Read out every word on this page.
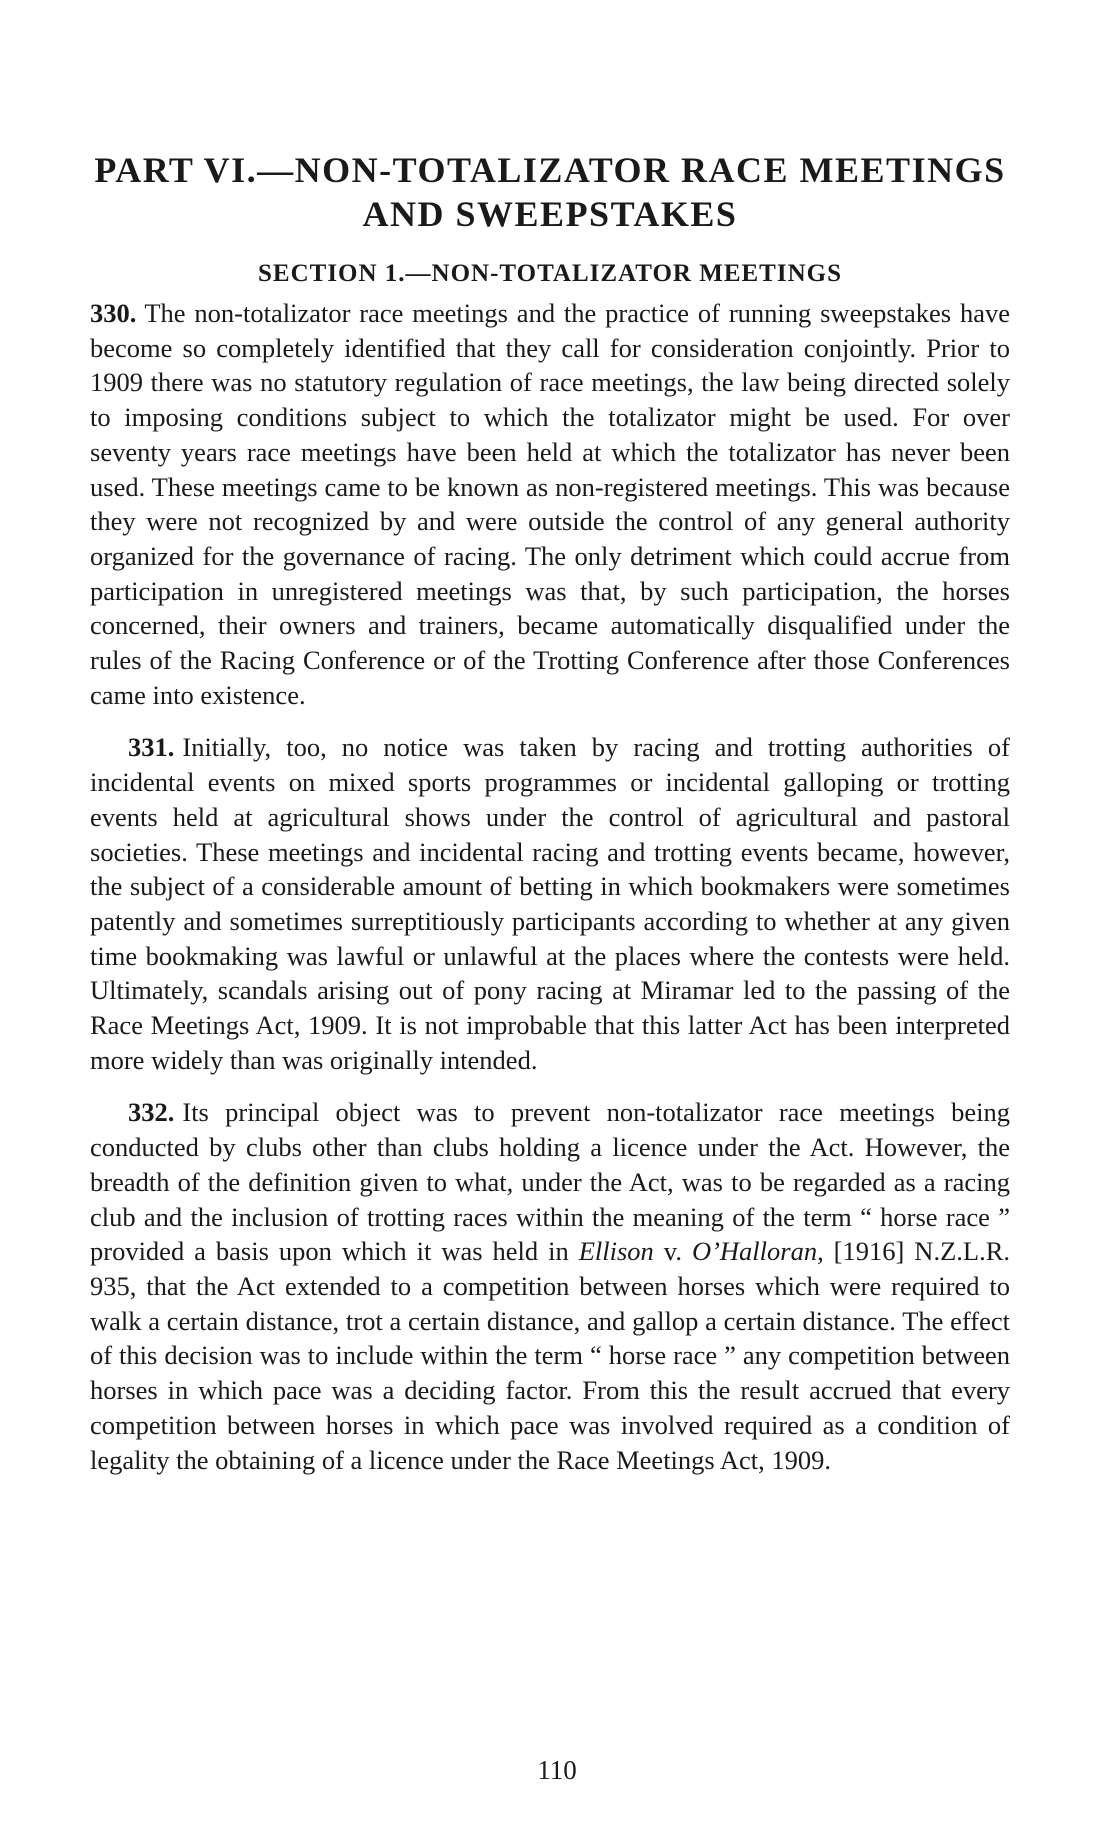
PART VI.—NON-TOTALIZATOR RACE MEETINGS
AND SWEEPSTAKES
SECTION 1.—NON-TOTALIZATOR MEETINGS

330. The non-totalizator race meetings and the practice of running sweepstakes have become so completely identified that they call for consideration conjointly. Prior to 1909 there was no statutory regulation of race meetings, the law being directed solely to imposing conditions subject to which the totalizator might be used. For over seventy years race meetings have been held at which the totalizator has never been used. These meetings came to be known as non-registered meetings. This was because they were not recognized by and were outside the control of any general authority organized for the governance of racing. The only detriment which could accrue from participation in unregistered meetings was that, by such participation, the horses concerned, their owners and trainers, became automatically disqualified under the rules of the Racing Conference or of the Trotting Conference after those Conferences came into existence.

331. Initially, too, no notice was taken by racing and trotting authorities of incidental events on mixed sports programmes or incidental galloping or trotting events held at agricultural shows under the control of agricultural and pastoral societies. These meetings and incidental racing and trotting events became, however, the subject of a considerable amount of betting in which bookmakers were sometimes patently and sometimes surreptitiously participants according to whether at any given time bookmaking was lawful or unlawful at the places where the contests were held. Ultimately, scandals arising out of pony racing at Miramar led to the passing of the Race Meetings Act, 1909. It is not improbable that this latter Act has been interpreted more widely than was originally intended.

332. Its principal object was to prevent non-totalizator race meetings being conducted by clubs other than clubs holding a licence under the Act. However, the breadth of the definition given to what, under the Act, was to be regarded as a racing club and the inclusion of trotting races within the meaning of the term “ horse race ” provided a basis upon which it was held in Ellison v. O’Halloran, [1916] N.Z.L.R. 935, that the Act extended to a competition between horses which were required to walk a certain distance, trot a certain distance, and gallop a certain distance. The effect of this decision was to include within the term “ horse race ” any competition between horses in which pace was a deciding factor. From this the result accrued that every competition between horses in which pace was involved required as a condition of legality the obtaining of a licence under the Race Meetings Act, 1909.

110
